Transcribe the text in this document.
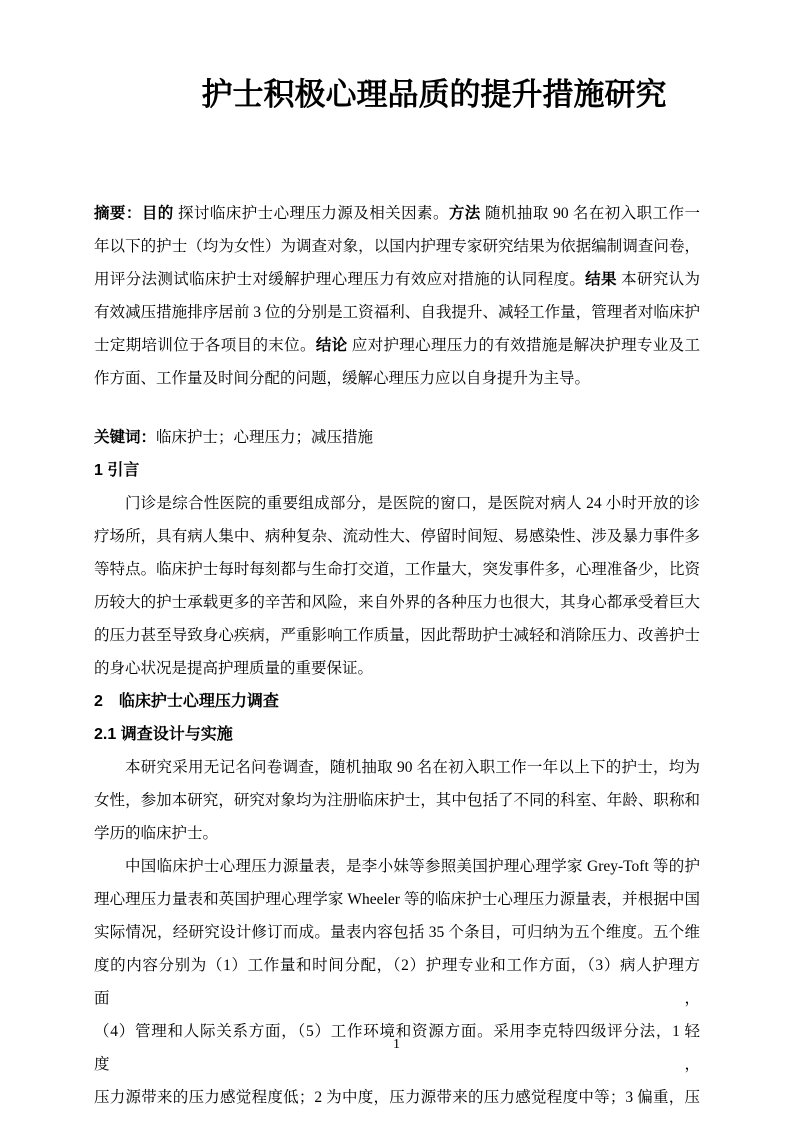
护士积极心理品质的提升措施研究
摘要：目的 探讨临床护士心理压力源及相关因素。方法 随机抽取 90 名在初入职工作一
年以下的护士（均为女性）为调查对象，以国内护理专家研究结果为依据编制调查问卷，
用评分法测试临床护士对缓解护理心理压力有效应对措施的认同程度。结果 本研究认为
有效减压措施排序居前 3 位的分别是工资福利、自我提升、减轻工作量，管理者对临床护
士定期培训位于各项目的末位。结论 应对护理心理压力的有效措施是解决护理专业及工
作方面、工作量及时间分配的问题，缓解心理压力应以自身提升为主导。
关键词：临床护士；心理压力；减压措施
1 引言
门诊是综合性医院的重要组成部分，是医院的窗口，是医院对病人 24 小时开放的诊
疗场所，具有病人集中、病种复杂、流动性大、停留时间短、易感染性、涉及暴力事件多
等特点。临床护士每时每刻都与生命打交道，工作量大，突发事件多，心理准备少，比资
历较大的护士承载更多的辛苦和风险，来自外界的各种压力也很大，其身心都承受着巨大
的压力甚至导致身心疾病，严重影响工作质量，因此帮助护士减轻和消除压力、改善护士
的身心状况是提高护理质量的重要保证。
2　临床护士心理压力调查
2.1 调查设计与实施
本研究采用无记名问卷调查，随机抽取 90 名在初入职工作一年以上下的护士，均为
女性，参加本研究，研究对象均为注册临床护士，其中包括了不同的科室、年龄、职称和
学历的临床护士。
中国临床护士心理压力源量表，是李小妹等参照美国护理心理学家 Grey-Toft 等的护
理心理压力量表和英国护理心理学家 Wheeler 等的临床护士心理压力源量表，并根据中国
实际情况，经研究设计修订而成。量表内容包括 35 个条目，可归纳为五个维度。五个维
度的内容分别为（1）工作量和时间分配，（2）护理专业和工作方面，（3）病人护理方面，
（4）管理和人际关系方面，（5）工作环境和资源方面。采用李克特四级评分法，1 轻度，
压力源带来的压力感觉程度低；2 为中度，压力源带来的压力感觉程度中等；3 偏重，压
1
